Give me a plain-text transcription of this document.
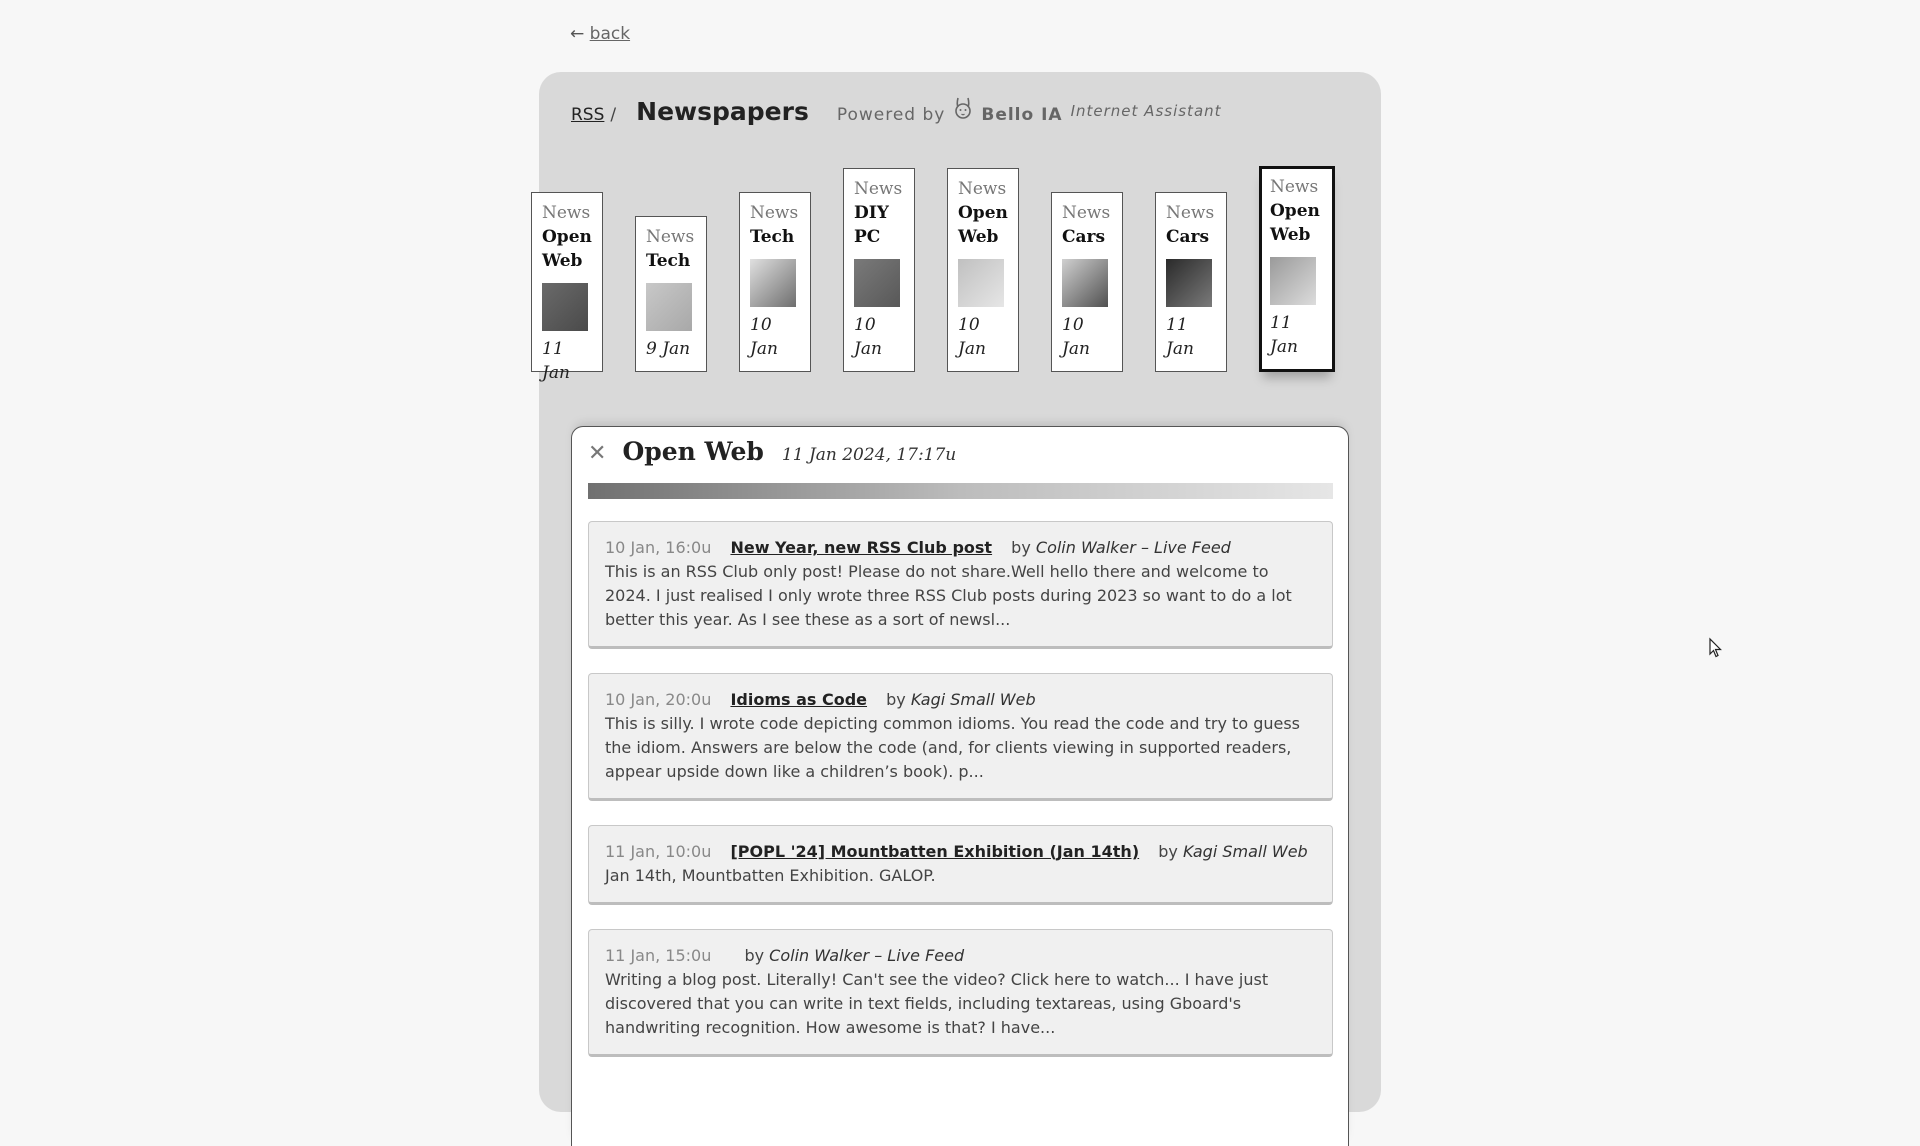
← back
RSS / Newspapers Powered by Bello IA Internet Assistant
News
Open
Web
11
Jan
News
Tech
9 Jan
News
Tech
10
Jan
News
DIY
PC
10
Jan
News
Open
Web
10
Jan
News
Cars
10
Jan
News
Cars
11
Jan
News
Open
Web
11
Jan
✕ Open Web 11 Jan 2024, 17:17u
10 Jan, 16:0u New Year, new RSS Club post by Colin Walker – Live Feed
This is an RSS Club only post! Please do not share.Well hello there and welcome to 2024. I just realised I only wrote three RSS Club posts during 2023 so want to do a lot better this year. As I see these as a sort of newsl...
10 Jan, 20:0u Idioms as Code by Kagi Small Web
This is silly. I wrote code depicting common idioms. You read the code and try to guess the idiom. Answers are below the code (and, for clients viewing in supported readers, appear upside down like a children’s book). p...
11 Jan, 10:0u [POPL '24] Mountbatten Exhibition (Jan 14th) by Kagi Small Web
Jan 14th, Mountbatten Exhibition. GALOP.
11 Jan, 15:0u by Colin Walker – Live Feed
Writing a blog post. Literally! Can't see the video? Click here to watch... I have just discovered that you can write in text fields, including textareas, using Gboard's handwriting recognition. How awesome is that? I have...
